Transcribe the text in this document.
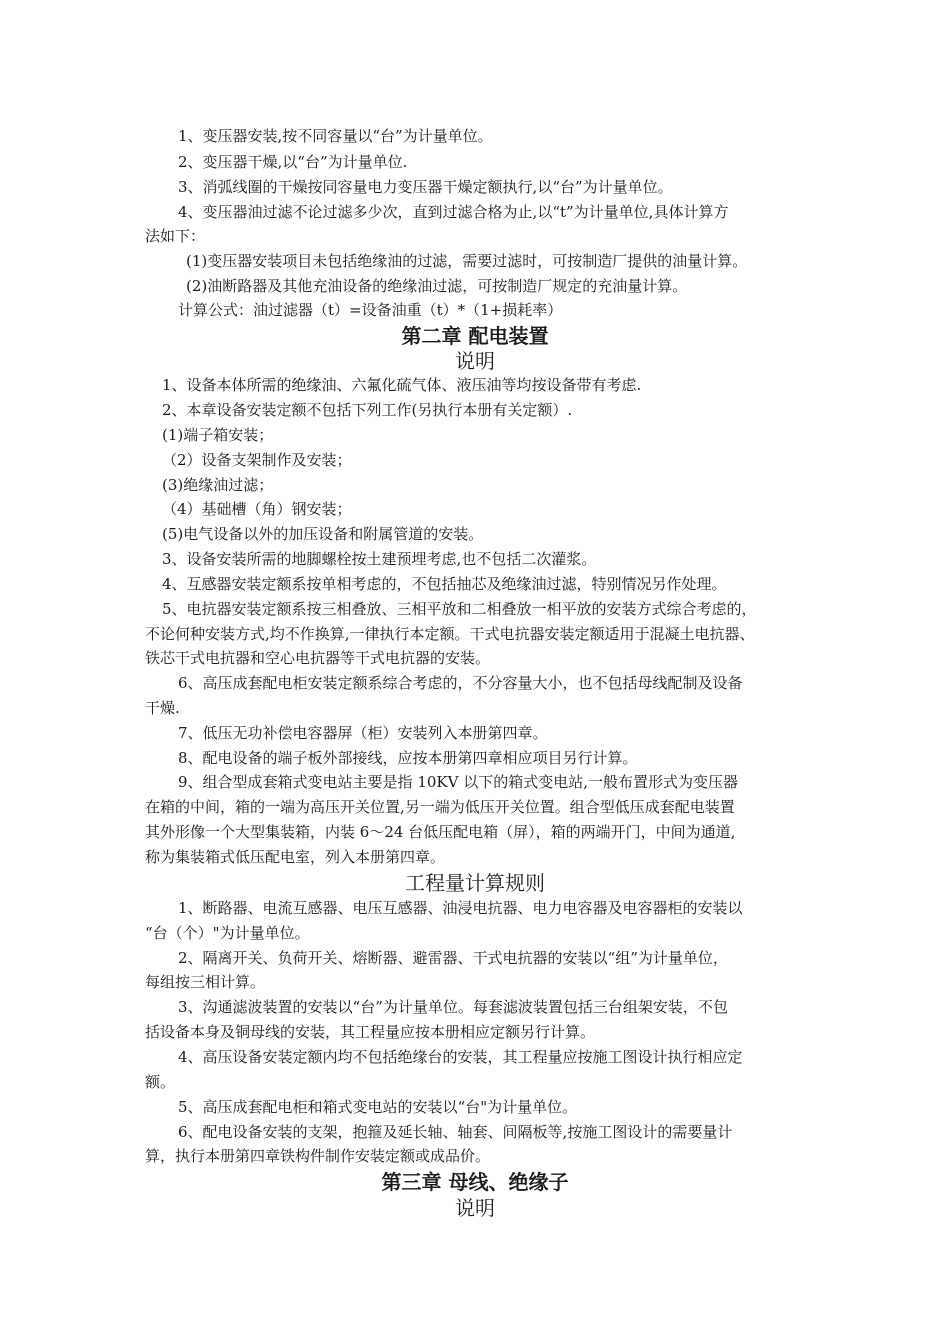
1、变压器安装,按不同容量以“台”为计量单位。
2、变压器干燥,以“台”为计量单位.
3、消弧线圈的干燥按同容量电力变压器干燥定额执行,以“台”为计量单位。
4、变压器油过滤不论过滤多少次，直到过滤合格为止,以“t”为计量单位,具体计算方
法如下：
(1)变压器安装项目未包括绝缘油的过滤，需要过滤时，可按制造厂提供的油量计算。
(2)油断路器及其他充油设备的绝缘油过滤，可按制造厂规定的充油量计算。
计算公式：油过滤器（t）=设备油重（t）*（1+损耗率）
第二章 配电装置
说明
1、设备本体所需的绝缘油、六氟化硫气体、液压油等均按设备带有考虑.
2、本章设备安装定额不包括下列工作(另执行本册有关定额）.
(1)端子箱安装；
（2）设备支架制作及安装；
(3)绝缘油过滤；
（4）基础槽（角）钢安装；
(5)电气设备以外的加压设备和附属管道的安装。
3、设备安装所需的地脚螺栓按土建预埋考虑,也不包括二次灌浆。
4、互感器安装定额系按单相考虑的，不包括抽芯及绝缘油过滤，特别情况另作处理。
5、电抗器安装定额系按三相叠放、三相平放和二相叠放一相平放的安装方式综合考虑的，
不论何种安装方式,均不作换算,一律执行本定额。干式电抗器安装定额适用于混凝土电抗器、
铁芯干式电抗器和空心电抗器等干式电抗器的安装。
6、高压成套配电柜安装定额系综合考虑的，不分容量大小，也不包括母线配制及设备
干燥.
7、低压无功补偿电容器屏（柜）安装列入本册第四章。
8、配电设备的端子板外部接线，应按本册第四章相应项目另行计算。
9、组合型成套箱式变电站主要是指 10KV 以下的箱式变电站,一般布置形式为变压器
在箱的中间，箱的一端为高压开关位置,另一端为低压开关位置。组合型低压成套配电装置
其外形像一个大型集装箱，内装 6～24 台低压配电箱（屏），箱的两端开门，中间为通道,
称为集装箱式低压配电室，列入本册第四章。
工程量计算规则
1、断路器、电流互感器、电压互感器、油浸电抗器、电力电容器及电容器柜的安装以
“台（个）"为计量单位。
2、隔离开关、负荷开关、熔断器、避雷器、干式电抗器的安装以“组”为计量单位，
每组按三相计算。
3、沟通滤波装置的安装以“台”为计量单位。每套滤波装置包括三台组架安装，不包
括设备本身及铜母线的安装，其工程量应按本册相应定额另行计算。
4、高压设备安装定额内均不包括绝缘台的安装，其工程量应按施工图设计执行相应定
额。
5、高压成套配电柜和箱式变电站的安装以“台"为计量单位。
6、配电设备安装的支架，抱箍及延长轴、轴套、间隔板等,按施工图设计的需要量计
算，执行本册第四章铁构件制作安装定额或成品价。
第三章 母线、绝缘子
说明
